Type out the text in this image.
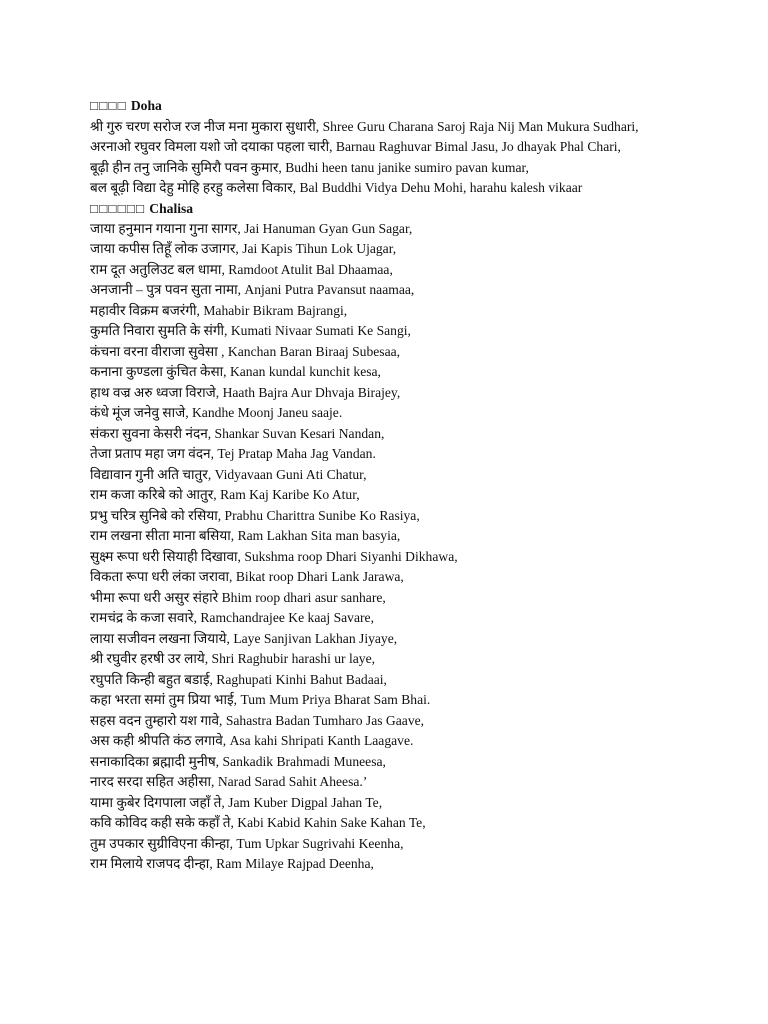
□□□□ Doha
श्री गुरु चरण सरोज रज नीज मना मुकारा सुधारी, Shree Guru Charana Saroj Raja Nij Man Mukura Sudhari,
अरनाओ रघुवर विमला यशो जो दयाका पहला चारी, Barnau Raghuvar Bimal Jasu, Jo dhayak Phal Chari,
बूढ़ी हीन तनु जानिके सुमिरौ पवन कुमार, Budhi heen tanu janike sumiro pavan kumar,
बल बूढ़ी विद्या देहु मोहि हरहु कलेसा विकार, Bal Buddhi Vidya Dehu Mohi, harahu kalesh vikaar
□□□□□□ Chalisa
जाया हनुमान गयाना गुना सागर, Jai Hanuman Gyan Gun Sagar,
जाया कपीस तिहूँ लोक उजागर, Jai Kapis Tihun Lok Ujagar,
राम दूत अतुलिउट बल धामा, Ramdoot Atulit Bal Dhaamaa,
अनजानी – पुत्र पवन सुता नामा, Anjani Putra Pavansut naamaa,
महावीर विक्रम बजरंगी, Mahabir Bikram Bajrangi,
कुमति निवारा सुमति के संगी, Kumati Nivaar Sumati Ke Sangi,
कंचना वरना वीराजा सुवेसा , Kanchan Baran Biraaj Subesaa,
कनाना कुण्डला कुंचित केसा, Kanan kundal kunchit kesa,
हाथ वज्र अरु ध्वजा विराजे, Haath Bajra Aur Dhvaja Birajey,
कंधे मूंज जनेवु साजे, Kandhe Moonj Janeu saaje.
संकरा सुवना केसरी नंदन, Shankar Suvan Kesari Nandan,
तेजा प्रताप महा जग वंदन, Tej Pratap Maha Jag Vandan.
विद्यावान गुनी अति चातुर, Vidyavaan Guni Ati Chatur,
राम कजा करिबे को आतुर, Ram Kaj Karibe Ko Atur,
प्रभु चरित्र सुनिबे को रसिया, Prabhu Charittra Sunibe Ko Rasiya,
राम लखना सीता माना बसिया, Ram Lakhan Sita man basyia,
सुक्ष्म रूपा धरी सियाही दिखावा, Sukshma roop Dhari Siyanhi Dikhawa,
विकता रूपा धरी लंका जरावा, Bikat roop Dhari Lank Jarawa,
भीमा रूपा धरी असुर संहारे Bhim roop dhari asur sanhare,
रामचंद्र के कजा सवारे, Ramchandrajee Ke kaaj Savare,
लाया सजीवन लखना जियाये, Laye Sanjivan Lakhan Jiyaye,
श्री रघुवीर हरषी उर लाये, Shri Raghubir harashi ur laye,
रघुपति किन्ही बहुत बडाई, Raghupati Kinhi Bahut Badaai,
कहा भरता समां तुम प्रिया भाई, Tum Mum Priya Bharat Sam Bhai.
सहस वदन तुम्हारो यश गावे, Sahastra Badan Tumharo Jas Gaave,
अस कही श्रीपति कंठ लगावे, Asa kahi Shripati Kanth Laagave.
सनाकादिका ब्रह्मादी मुनीष, Sankadik Brahmadi Muneesa,
नारद सरदा सहित अहीसा, Narad Sarad Sahit Aheesa.’
यामा कुबेर दिगपाला जहाँ ते, Jam Kuber Digpal Jahan Te,
कवि कोविद कही सके कहाँ ते, Kabi Kabid Kahin Sake Kahan Te,
तुम उपकार सुग्रीविएना कीन्हा, Tum Upkar Sugrivahi Keenha,
राम मिलाये राजपद दीन्हा, Ram Milaye Rajpad Deenha,
